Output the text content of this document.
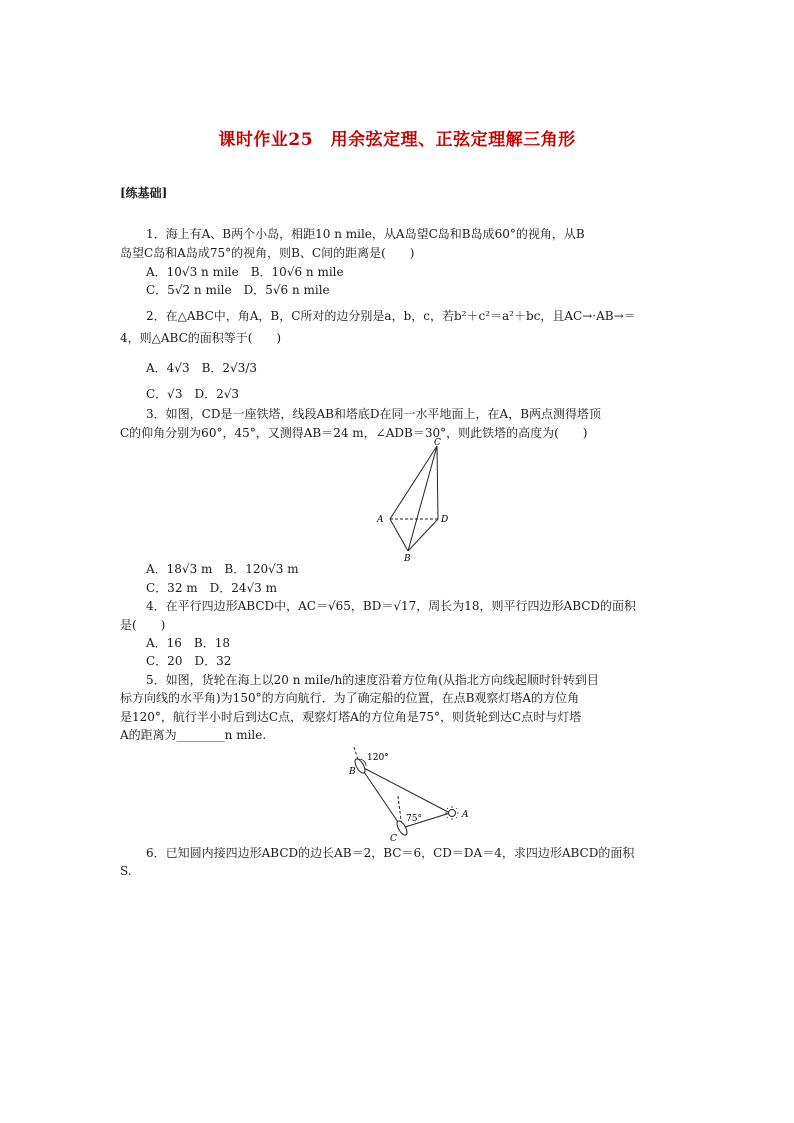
课时作业25　用余弦定理、正弦定理解三角形
[练基础]
1．海上有A、B两个小岛，相距10 n mile，从A岛望C岛和B岛成60°的视角，从B
岛望C岛和A岛成75°的视角，则B、C间的距离是(　　)
A．10√3 n mile　B．10√6 n mile
C．5√2 n mile　D．5√6 n mile
2．在△ABC中，角A，B，C所对的边分别是a，b，c，若b²＋c²＝a²＋bc，且AC→·AB→＝
4，则△ABC的面积等于(　　)
A．4√3　B．2√3/3
C．√3　D．2√3
3．如图，CD是一座铁塔，线段AB和塔底D在同一水平地面上，在A，B两点测得塔顶
C的仰角分别为60°，45°，又测得AB＝24 m，∠ADB＝30°，则此铁塔的高度为(　　)
C
A	D
B
A．18√3 m　B．120√3 m
C．32 m　D．24√3 m
4．在平行四边形ABCD中，AC＝√65，BD＝√17，周长为18，则平行四边形ABCD的面积
是(　　)
A．16　B．18
C．20　D．32
5．如图，货轮在海上以20 n mile/h的速度沿着方位角(从指北方向线起顺时针转到目
标方向线的水平角)为150°的方向航行．为了确定船的位置，在点B观察灯塔A的方位角
是120°，航行半小时后到达C点，观察灯塔A的方位角是75°，则货轮到达C点时与灯塔
A的距离为________n mile.
120°
75°
B
C
A
6．已知圆内接四边形ABCD的边长AB＝2，BC＝6，CD＝DA＝4，求四边形ABCD的面积
S.
